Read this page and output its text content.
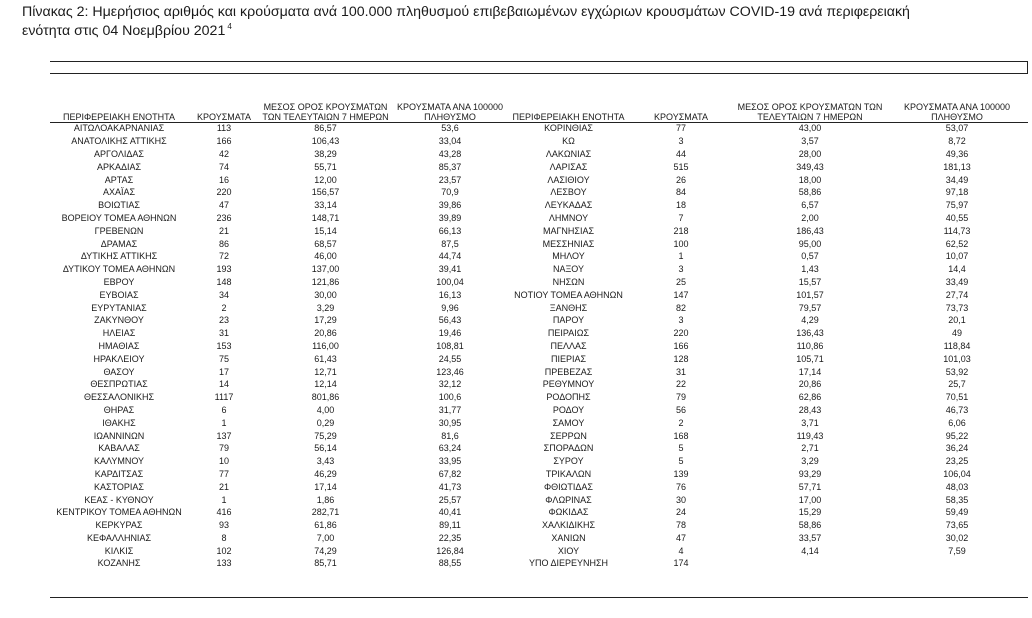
Πίνακας 2: Ημερήσιος αριθμός και κρούσματα ανά 100.000 πληθυσμού επιβεβαιωμένων εγχώριων κρουσμάτων COVID-19 ανά περιφερειακή
ενότητα στις 04 Νοεμβρίου 2021 $^4$
ΠΕΡΙΦΕΡΕΙΑΚΗ ΕΝΟΤΗΤΑ	ΚΡΟΥΣΜΑΤΑ	ΜΕΣΟΣ ΟΡΟΣ ΚΡΟΥΣΜΑΤΩΝ ΤΩΝ ΤΕΛΕΥΤΑΙΩΝ 7 ΗΜΕΡΩΝ	ΚΡΟΥΣΜΑΤΑ ΑΝΑ 100000 ΠΛΗΘΥΣΜΟ	ΠΕΡΙΦΕΡΕΙΑΚΗ ΕΝΟΤΗΤΑ	ΚΡΟΥΣΜΑΤΑ	ΜΕΣΟΣ ΟΡΟΣ ΚΡΟΥΣΜΑΤΩΝ ΤΩΝ ΤΕΛΕΥΤΑΙΩΝ 7 ΗΜΕΡΩΝ	ΚΡΟΥΣΜΑΤΑ ΑΝΑ 100000 ΠΛΗΘΥΣΜΟ
ΑΙΤΩΛΟΑΚΑΡΝΑΝΙΑΣ	113	86,57	53,6	ΚΟΡΙΝΘΙΑΣ	77	43,00	53,07
ΑΝΑΤΟΛΙΚΗΣ ΑΤΤΙΚΗΣ	166	106,43	33,04	ΚΩ	3	3,57	8,72
ΑΡΓΟΛΙΔΑΣ	42	38,29	43,28	ΛΑΚΩΝΙΑΣ	44	28,00	49,36
ΑΡΚΑΔΙΑΣ	74	55,71	85,37	ΛΑΡΙΣΑΣ	515	349,43	181,13
ΑΡΤΑΣ	16	12,00	23,57	ΛΑΣΙΘΙΟΥ	26	18,00	34,49
ΑΧΑΪΑΣ	220	156,57	70,9	ΛΕΣΒΟΥ	84	58,86	97,18
ΒΟΙΩΤΙΑΣ	47	33,14	39,86	ΛΕΥΚΑΔΑΣ	18	6,57	75,97
ΒΟΡΕΙΟΥ ΤΟΜΕΑ ΑΘΗΝΩΝ	236	148,71	39,89	ΛΗΜΝΟΥ	7	2,00	40,55
ΓΡΕΒΕΝΩΝ	21	15,14	66,13	ΜΑΓΝΗΣΙΑΣ	218	186,43	114,73
ΔΡΑΜΑΣ	86	68,57	87,5	ΜΕΣΣΗΝΙΑΣ	100	95,00	62,52
ΔΥΤΙΚΗΣ ΑΤΤΙΚΗΣ	72	46,00	44,74	ΜΗΛΟΥ	1	0,57	10,07
ΔΥΤΙΚΟΥ ΤΟΜΕΑ ΑΘΗΝΩΝ	193	137,00	39,41	ΝΑΞΟΥ	3	1,43	14,4
ΕΒΡΟΥ	148	121,86	100,04	ΝΗΣΩΝ	25	15,57	33,49
ΕΥΒΟΙΑΣ	34	30,00	16,13	ΝΟΤΙΟΥ ΤΟΜΕΑ ΑΘΗΝΩΝ	147	101,57	27,74
ΕΥΡΥΤΑΝΙΑΣ	2	3,29	9,96	ΞΑΝΘΗΣ	82	79,57	73,73
ΖΑΚΥΝΘΟΥ	23	17,29	56,43	ΠΑΡΟΥ	3	4,29	20,1
ΗΛΕΙΑΣ	31	20,86	19,46	ΠΕΙΡΑΙΩΣ	220	136,43	49
ΗΜΑΘΙΑΣ	153	116,00	108,81	ΠΕΛΛΑΣ	166	110,86	118,84
ΗΡΑΚΛΕΙΟΥ	75	61,43	24,55	ΠΙΕΡΙΑΣ	128	105,71	101,03
ΘΑΣΟΥ	17	12,71	123,46	ΠΡΕΒΕΖΑΣ	31	17,14	53,92
ΘΕΣΠΡΩΤΙΑΣ	14	12,14	32,12	ΡΕΘΥΜΝΟΥ	22	20,86	25,7
ΘΕΣΣΑΛΟΝΙΚΗΣ	1117	801,86	100,6	ΡΟΔΟΠΗΣ	79	62,86	70,51
ΘΗΡΑΣ	6	4,00	31,77	ΡΟΔΟΥ	56	28,43	46,73
ΙΘΑΚΗΣ	1	0,29	30,95	ΣΑΜΟΥ	2	3,71	6,06
ΙΩΑΝΝΙΝΩΝ	137	75,29	81,6	ΣΕΡΡΩΝ	168	119,43	95,22
ΚΑΒΑΛΑΣ	79	56,14	63,24	ΣΠΟΡΑΔΩΝ	5	2,71	36,24
ΚΑΛΥΜΝΟΥ	10	3,43	33,95	ΣΥΡΟΥ	5	3,29	23,25
ΚΑΡΔΙΤΣΑΣ	77	46,29	67,82	ΤΡΙΚΑΛΩΝ	139	93,29	106,04
ΚΑΣΤΟΡΙΑΣ	21	17,14	41,73	ΦΘΙΩΤΙΔΑΣ	76	57,71	48,03
ΚΕΑΣ - ΚΥΘΝΟΥ	1	1,86	25,57	ΦΛΩΡΙΝΑΣ	30	17,00	58,35
ΚΕΝΤΡΙΚΟΥ ΤΟΜΕΑ ΑΘΗΝΩΝ	416	282,71	40,41	ΦΩΚΙΔΑΣ	24	15,29	59,49
ΚΕΡΚΥΡΑΣ	93	61,86	89,11	ΧΑΛΚΙΔΙΚΗΣ	78	58,86	73,65
ΚΕΦΑΛΛΗΝΙΑΣ	8	7,00	22,35	ΧΑΝΙΩΝ	47	33,57	30,02
ΚΙΛΚΙΣ	102	74,29	126,84	ΧΙΟΥ	4	4,14	7,59
ΚΟΖΑΝΗΣ	133	85,71	88,55	ΥΠΟ ΔΙΕΡΕΥΝΗΣΗ	174		
